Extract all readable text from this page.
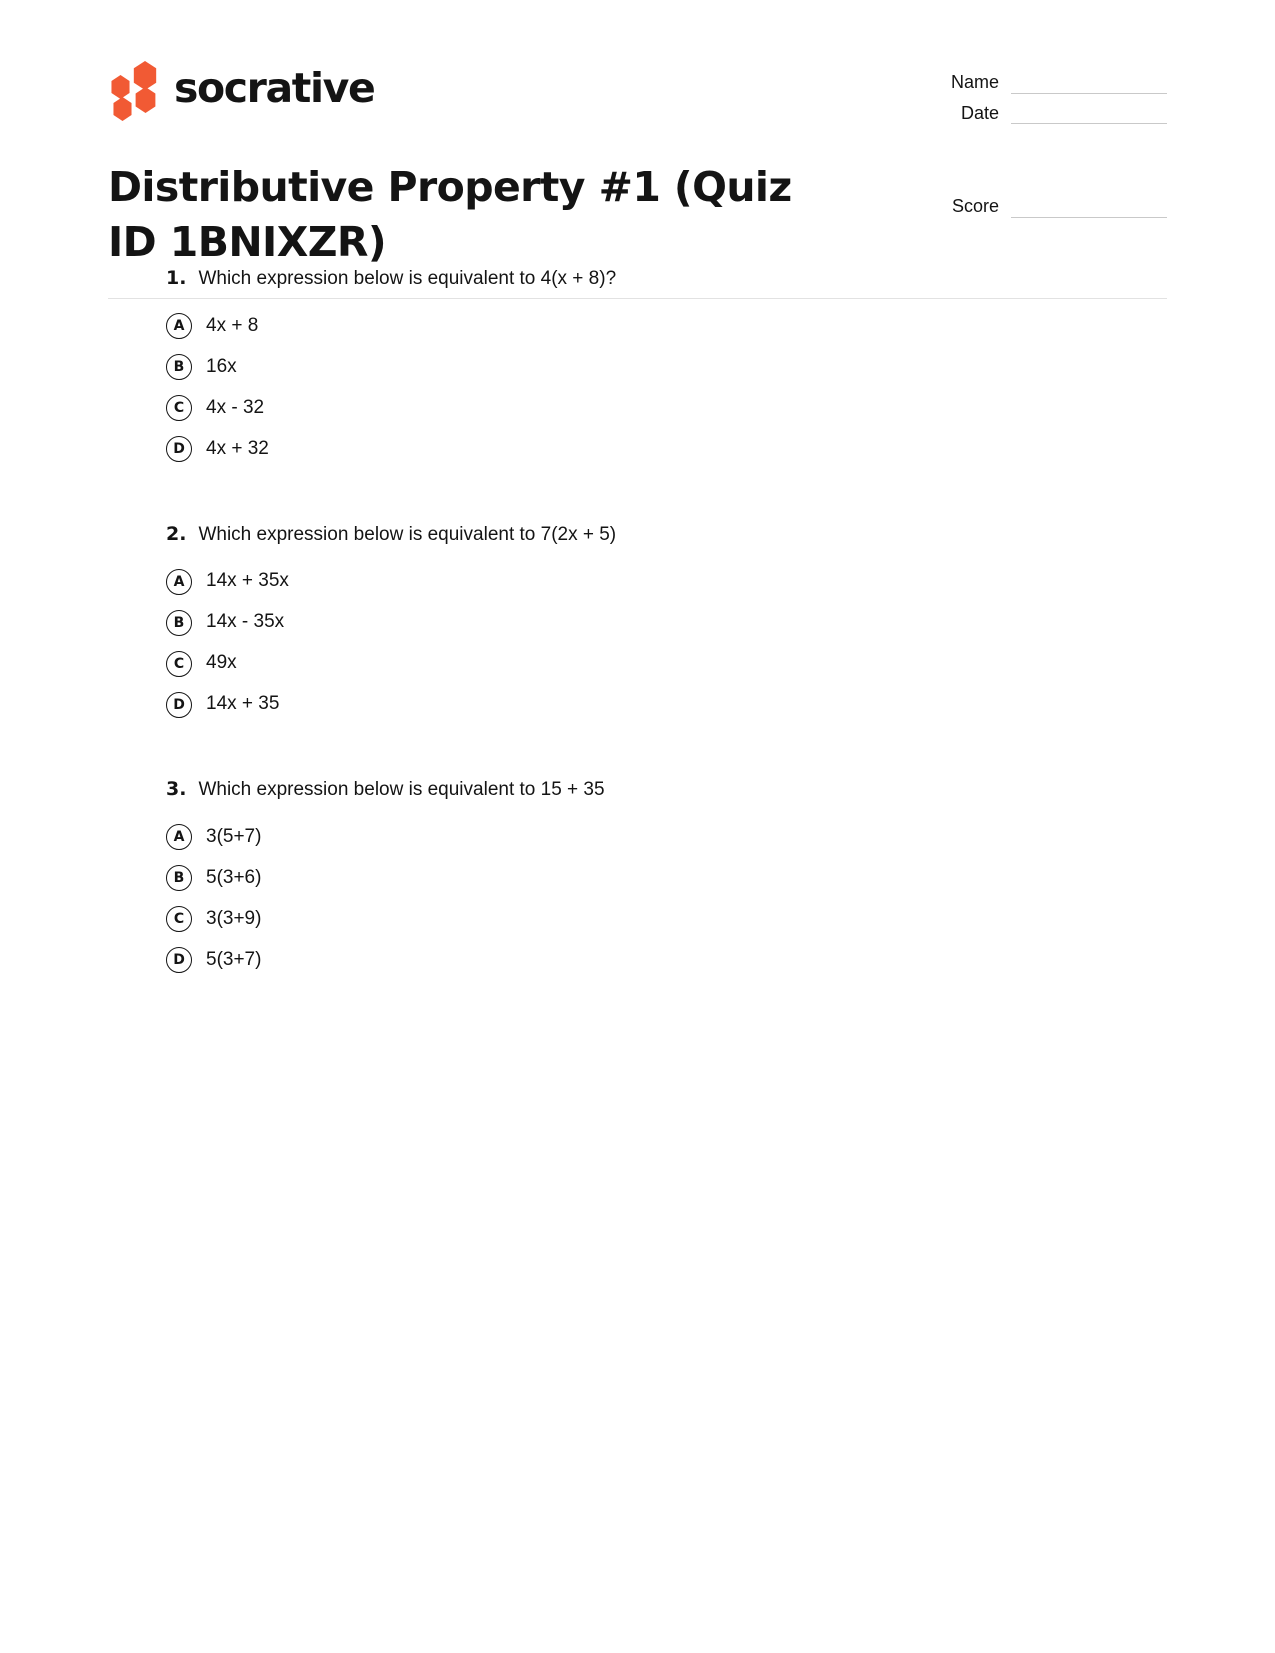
socrative
Distributive Property #1 (Quiz ID 1BNIXZR)
Name
Date
Score
1. Which expression below is equivalent to 4(x + 8)?
A	4x + 8
B	16x
C	4x - 32
D	4x + 32
2. Which expression below is equivalent to 7(2x + 5)
A	14x + 35x
B	14x - 35x
C	49x
D	14x + 35
3. Which expression below is equivalent to 15 + 35
A	3(5+7)
B	5(3+6)
C	3(3+9)
D	5(3+7)
